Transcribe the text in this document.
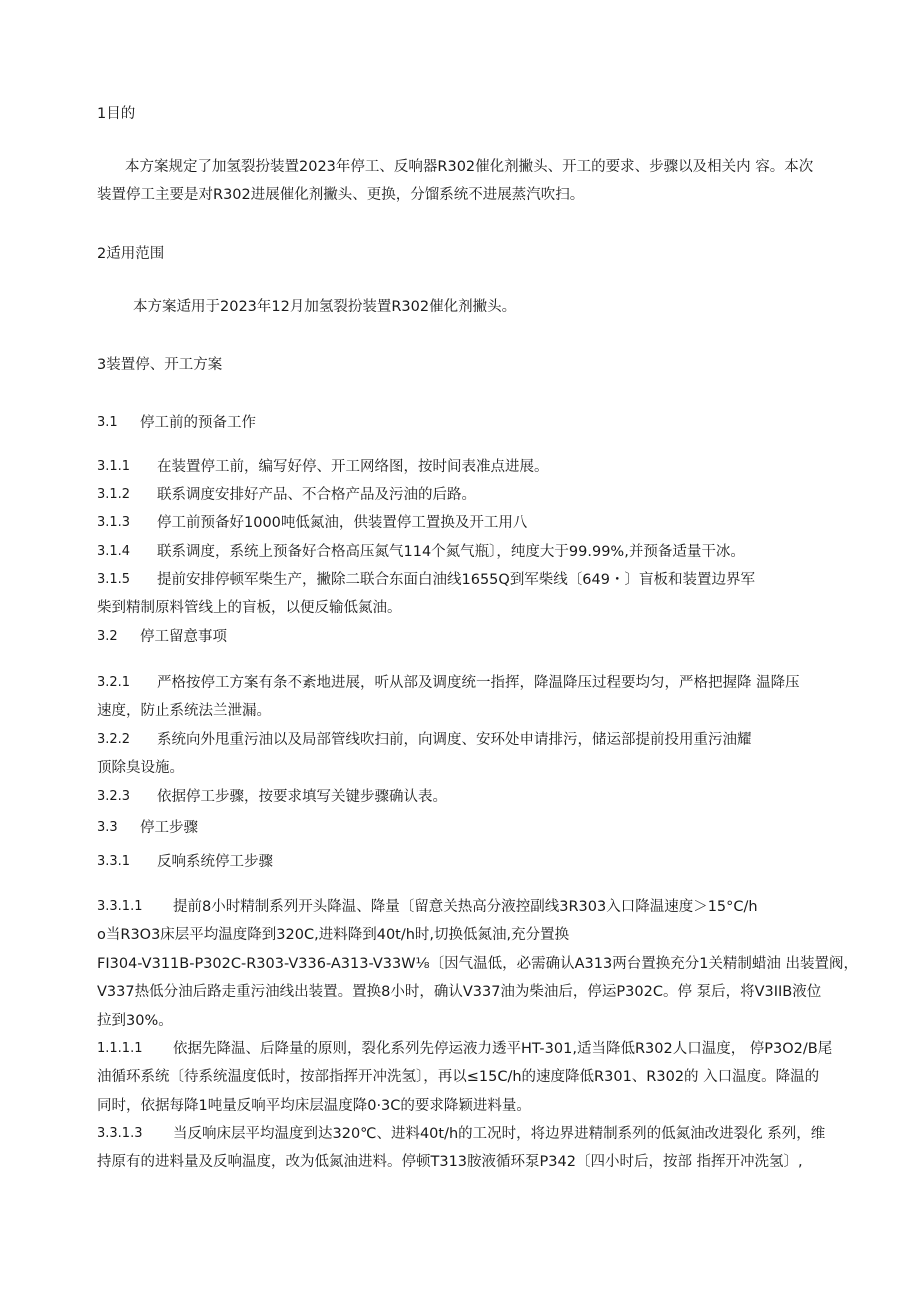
1目的
本方案规定了加氢裂扮装置2023年停工、反响器R302催化剂撇头、开工的要求、步骤以及相关内 容。本次
装置停工主要是对R302进展催化剂撇头、更换，分馏系统不进展蒸汽吹扫。
2适用范围
本方案适用于2023年12月加氢裂扮装置R302催化剂撇头。
3装置停、开工方案
3.1 停工前的预备工作
3.1.1 在装置停工前，编写好停、开工网络图，按时间表准点进展。
3.1.2 联系调度安排好产品、不合格产品及污油的后路。
3.1.3 停工前预备好1000吨低氮油，供装置停工置换及开工用八
3.1.4 联系调度，系统上预备好合格高压氮气114个氮气瓶〕，纯度大于99.99%,并预备适量干冰。
3.1.5 提前安排停顿军柴生产，撇除二联合东面白油线1655Q到军柴线〔649・〕盲板和装置边界军
柴到精制原料管线上的盲板，以便反输低氮油。
3.2 停工留意事项
3.2.1 严格按停工方案有条不紊地进展，听从部及调度统一指挥，降温降压过程要均匀，严格把握降 温降压
速度，防止系统法兰泄漏。
3.2.2 系统向外甩重污油以及局部管线吹扫前，向调度、安环处申请排污，储运部提前投用重污油耀
顶除臭设施。
3.2.3 依据停工步骤，按要求填写关键步骤确认表。
3.3 停工步骤
3.3.1 反响系统停工步骤
3.3.1.1 提前8小时精制系列开头降温、降量〔留意关热高分液控副线3R303入口降温速度＞15°C∕h
o当R3O3床层平均温度降到320C,进料降到40t∕h时,切换低氮油,充分置换
FI304-V311B-P302C-R303-V336-A313-V33W⅛〔因气温低，必需确认A313两台置换充分1关精制蜡油 出装置阀，
V337热低分油后路走重污油线出装置。置换8小时，确认V337油为柴油后，停运P302C。停 泵后，将V3IIB液位
拉到30%。
1.1.1.1 依据先降温、后降量的原则，裂化系列先停运液力透平HT-301,适当降低R302人口温度， 停P3O2/B尾
油循环系统〔待系统温度低时，按部指挥开冲洗氢〕，再以≤15C∕h的速度降低R301、R302的 入口温度。降温的
同时，依据每降1吨量反响平均床层温度降0·3C的要求降颖进料量。
3.3.1.3 当反响床层平均温度到达320℃、进料40t∕h的工况时，将边界进精制系列的低氮油改进裂化 系列，维
持原有的进料量及反响温度，改为低氮油进料。停顿T313胺液循环泵P342〔四小时后，按部 指挥开冲洗氢〕,
